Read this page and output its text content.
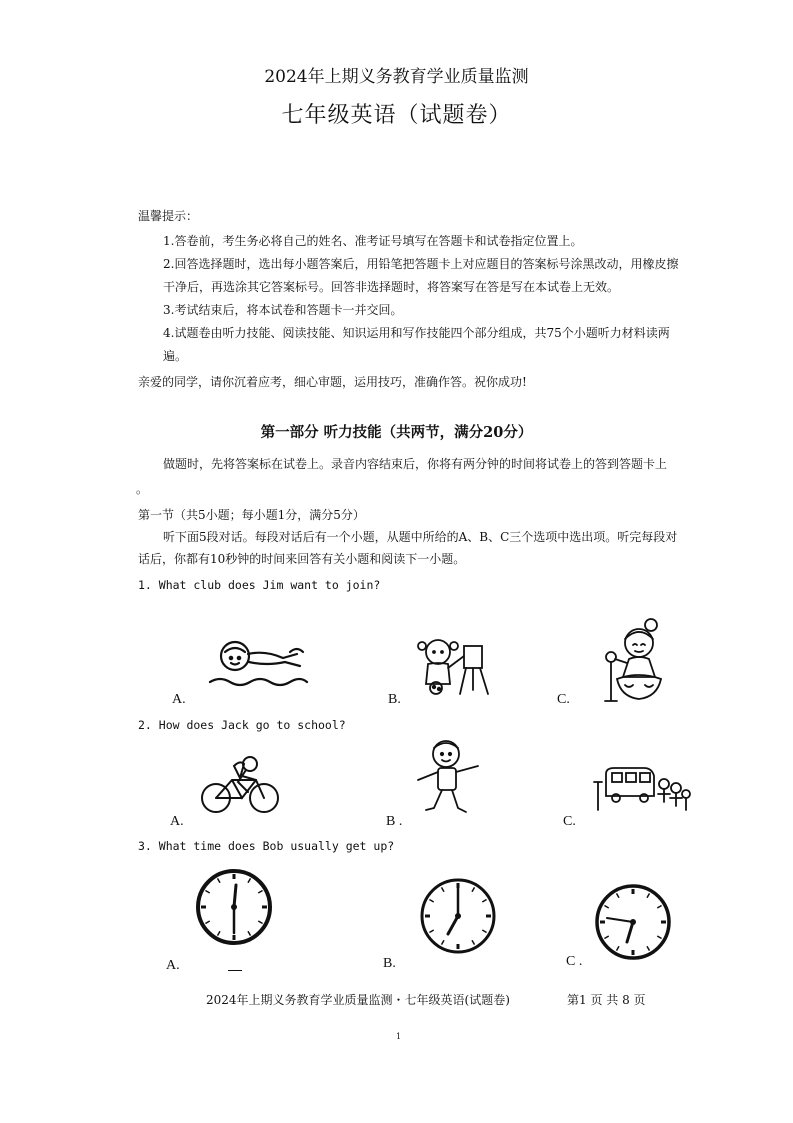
2024年上期义务教育学业质量监测
七年级英语（试题卷）
温馨提示：
1.答卷前，考生务必将自己的姓名、准考证号填写在答题卡和试卷指定位置上。
2.回答选择题时，选出每小题答案后，用铅笔把答题卡上对应题目的答案标号涂黑改动，用橡皮擦
干净后，再选涂其它答案标号。回答非选择题时，将答案写在答是写在本试卷上无效。
3.考试结束后，将本试卷和答题卡一并交回。
4.试题卷由听力技能、阅读技能、知识运用和写作技能四个部分组成，共75个小题听力材料读两
遍。
亲爱的同学，请你沉着应考，细心审题，运用技巧，准确作答。祝你成功!
第一部分 听力技能（共两节，满分20分）
做题时，先将答案标在试卷上。录音内容结束后，你将有两分钟的时间将试卷上的答到答题卡上
。
第一节（共5小题；每小题1分，满分5分）
听下面5段对话。每段对话后有一个小题，从题中所给的A、B、C三个选项中选出项。听完每段对
话后，你都有10秒钟的时间来回答有关小题和阅读下一小题。
1. What club does Jim want to join?
A.	B.	C.
2. How does Jack go to school?
A.	B .	C.
3. What time does Bob usually get up?
A.	B.	C .
2024年上期义务教育学业质量监测・七年级英语(试题卷)	第1 页 共 8 页
1
